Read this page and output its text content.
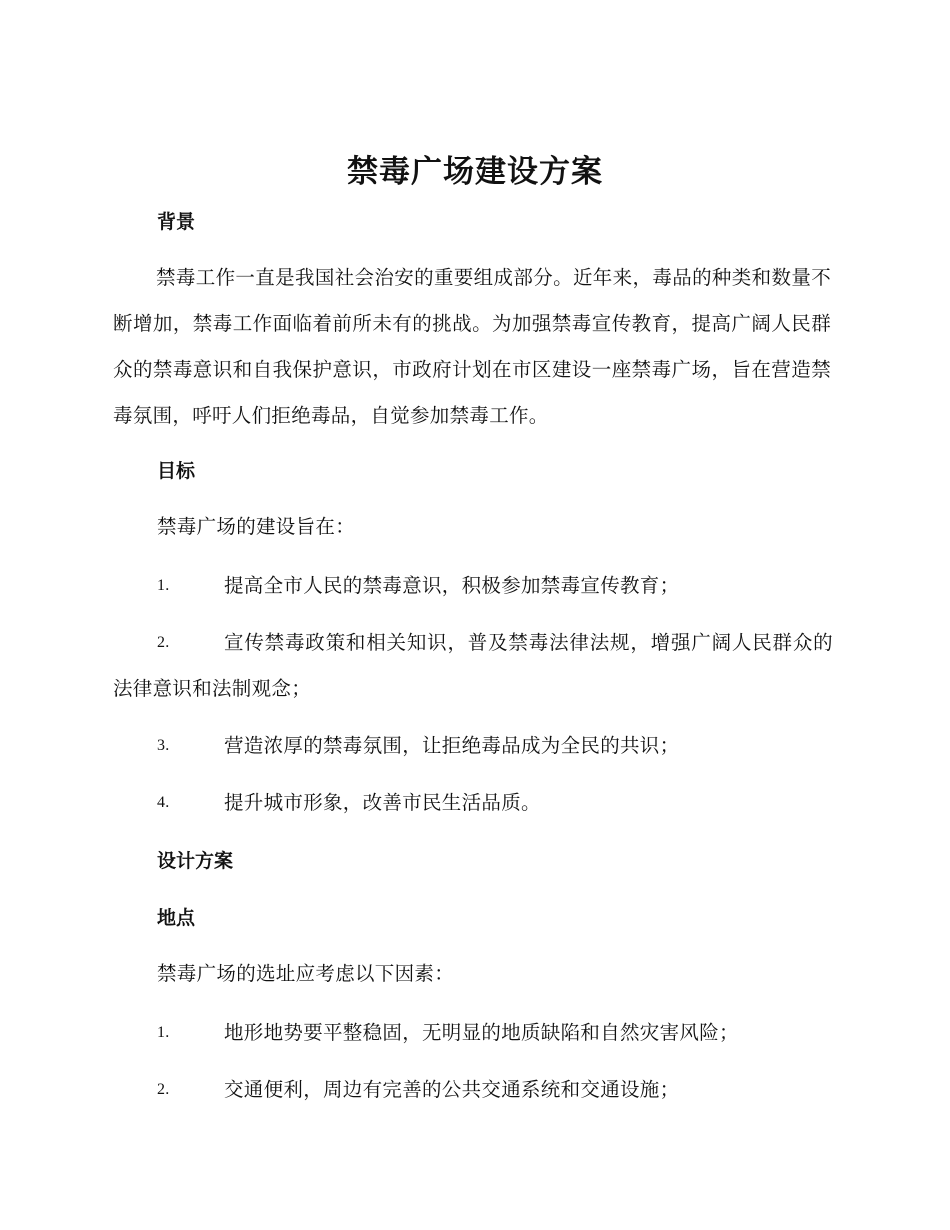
禁毒广场建设方案
背景

禁毒工作一直是我国社会治安的重要组成部分。近年来，毒品的种类和数量不断增加，禁毒工作面临着前所未有的挑战。为加强禁毒宣传教育，提高广阔人民群众的禁毒意识和自我保护意识，市政府计划在市区建设一座禁毒广场，旨在营造禁毒氛围，呼吁人们拒绝毒品，自觉参加禁毒工作。

目标
禁毒广场的建设旨在：
1.	提高全市人民的禁毒意识，积极参加禁毒宣传教育；
2.	宣传禁毒政策和相关知识，普及禁毒法律法规，增强广阔人民群众的法律意识和法制观念；
3.	营造浓厚的禁毒氛围，让拒绝毒品成为全民的共识；
4.	提升城市形象，改善市民生活品质。
设计方案
地点
禁毒广场的选址应考虑以下因素：
1.	地形地势要平整稳固，无明显的地质缺陷和自然灾害风险；
2.	交通便利，周边有完善的公共交通系统和交通设施；
